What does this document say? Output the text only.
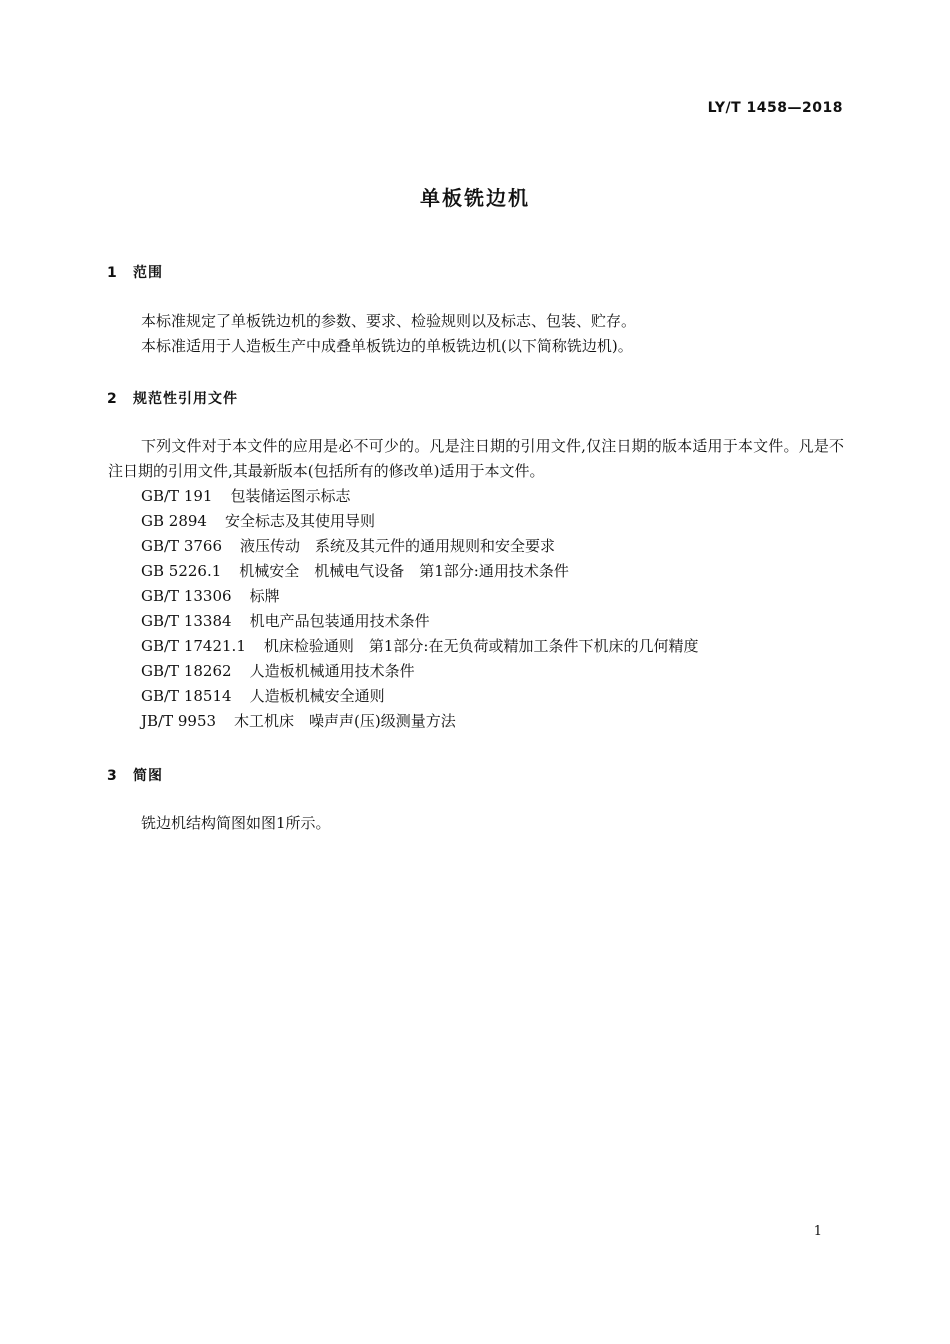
LY/T 1458—2018
单板铣边机
1 范围
本标准规定了单板铣边机的参数、要求、检验规则以及标志、包装、贮存。
本标准适用于人造板生产中成叠单板铣边的单板铣边机(以下简称铣边机)。
2 规范性引用文件
下列文件对于本文件的应用是必不可少的。凡是注日期的引用文件,仅注日期的版本适用于本文件。凡是不注日期的引用文件,其最新版本(包括所有的修改单)适用于本文件。
GB/T 191 包装储运图示标志
GB 2894 安全标志及其使用导则
GB/T 3766 液压传动　系统及其元件的通用规则和安全要求
GB 5226.1 机械安全　机械电气设备　第1部分:通用技术条件
GB/T 13306 标牌
GB/T 13384 机电产品包装通用技术条件
GB/T 17421.1 机床检验通则　第1部分:在无负荷或精加工条件下机床的几何精度
GB/T 18262 人造板机械通用技术条件
GB/T 18514 人造板机械安全通则
JB/T 9953 木工机床　噪声声(压)级测量方法
3 简图
铣边机结构简图如图1所示。
1
